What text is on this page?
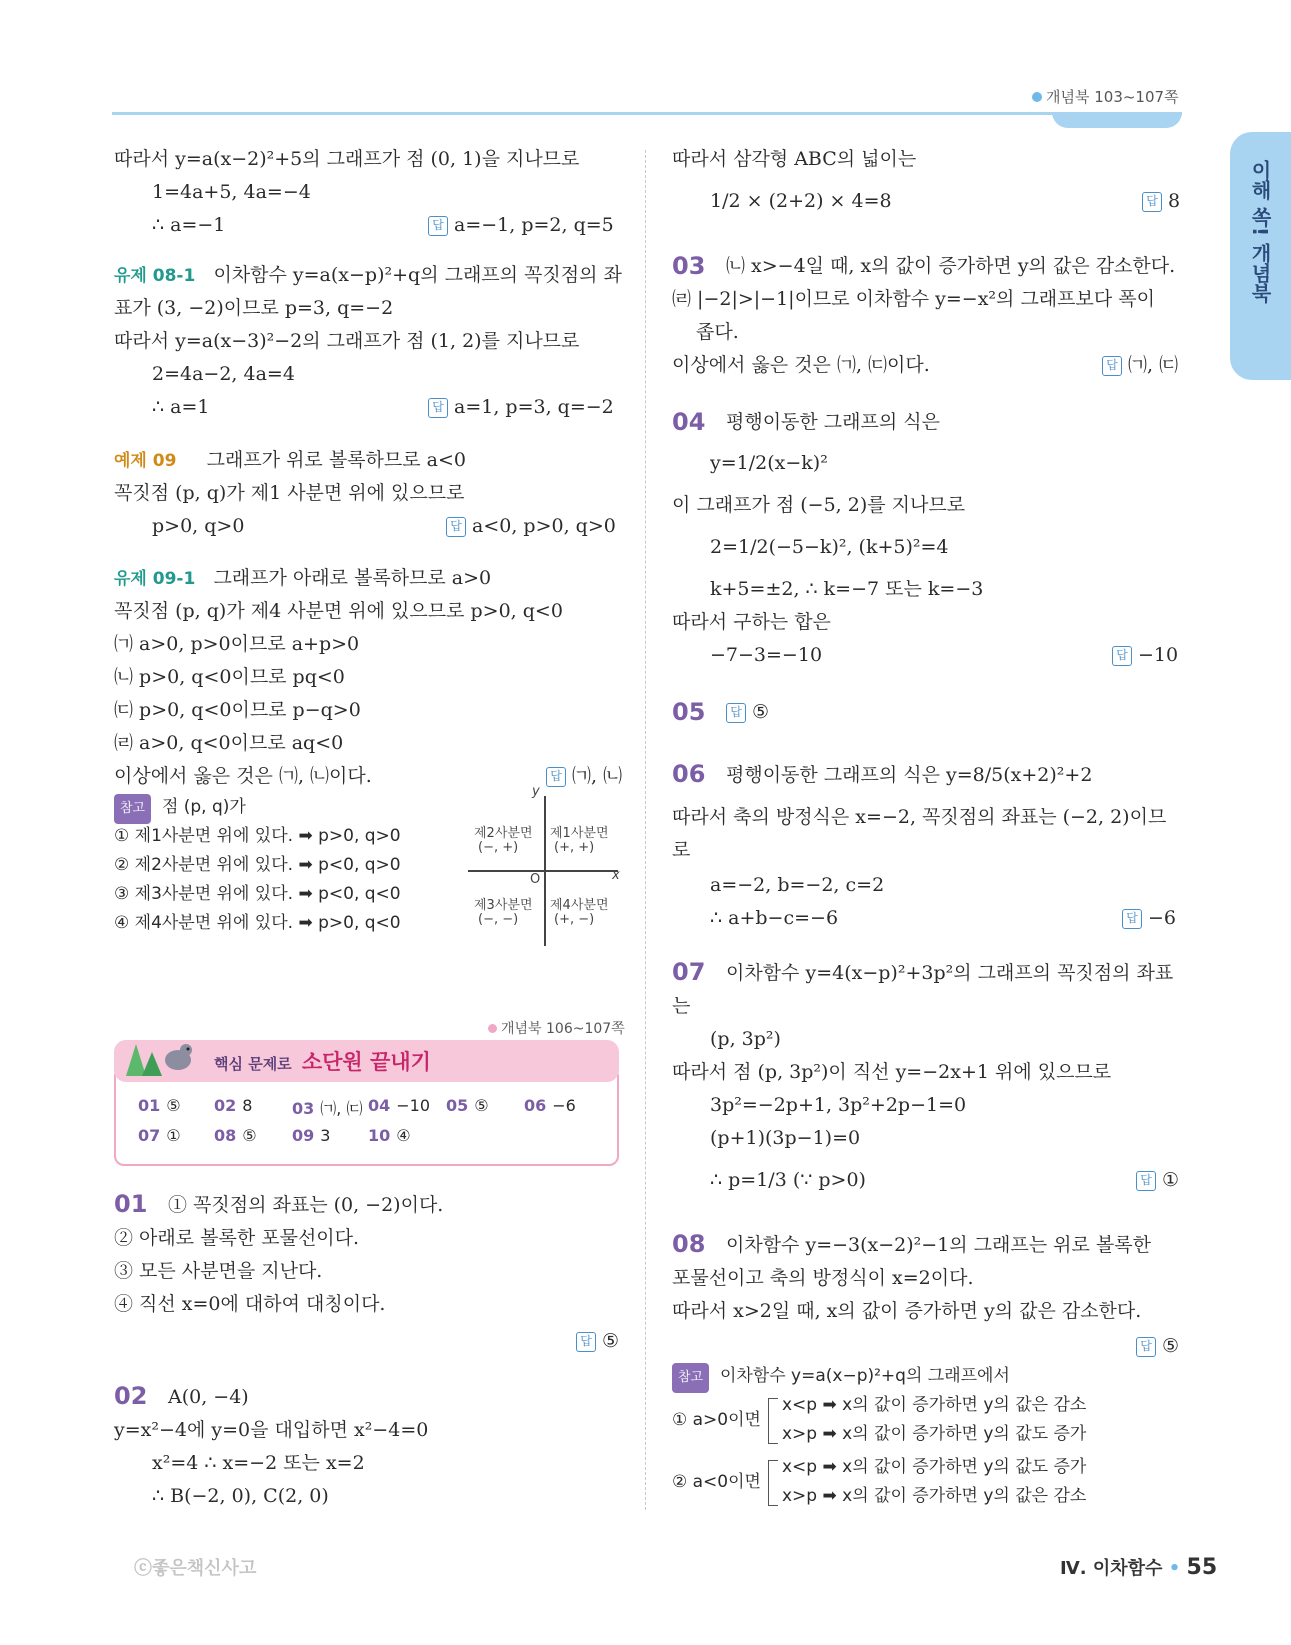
개념북 103~107쪽
이해 쏙! 개념북
따라서 y=a(x−2)²+5의 그래프가 점 (0, 1)을 지나므로
1=4a+5, 4a=−4
∴ a=−1	답 a=−1, p=2, q=5
유제 08-1 이차함수 y=a(x−p)²+q의 그래프의 꼭짓점의 좌
표가 (3, −2)이므로 p=3, q=−2
따라서 y=a(x−3)²−2의 그래프가 점 (1, 2)를 지나므로
2=4a−2, 4a=4
∴ a=1	답 a=1, p=3, q=−2
예제 09 그래프가 위로 볼록하므로 a<0
꼭짓점 (p, q)가 제1 사분면 위에 있으므로
p>0, q>0	답 a<0, p>0, q>0
유제 09-1 그래프가 아래로 볼록하므로 a>0
꼭짓점 (p, q)가 제4 사분면 위에 있으므로 p>0, q<0
㈀ a>0, p>0이므로 a+p>0
㈁ p>0, q<0이므로 pq<0
㈂ p>0, q<0이므로 p−q>0
㈃ a>0, q<0이므로 aq<0
이상에서 옳은 것은 ㈀, ㈁이다.	답 ㈀, ㈁
참고 점 (p, q)가
① 제1사분면 위에 있다. ➡ p>0, q>0
② 제2사분면 위에 있다. ➡ p<0, q>0
③ 제3사분면 위에 있다. ➡ p<0, q<0
④ 제4사분면 위에 있다. ➡ p>0, q<0
y
x
O
제2사분면
(−, +)
제1사분면
(+, +)
제3사분면
(−, −)
제4사분면
(+, −)
개념북 106~107쪽
핵심 문제로 소단원 끝내기
01 ⑤ 02 8 03 ㈀, ㈂ 04 −10 05 ⑤ 06 −6
07 ① 08 ⑤ 09 3 10 ④
01 ① 꼭짓점의 좌표는 (0, −2)이다.
② 아래로 볼록한 포물선이다.
③ 모든 사분면을 지난다.
④ 직선 x=0에 대하여 대칭이다.
답 ⑤
02 A(0, −4)
y=x²−4에 y=0을 대입하면 x²−4=0
x²=4 ∴ x=−2 또는 x=2
∴ B(−2, 0), C(2, 0)
따라서 삼각형 ABC의 넓이는
1/2 × (2+2) × 4=8	답 8
03 ㈁ x>−4일 때, x의 값이 증가하면 y의 값은 감소한다.
㈃ |−2|>|−1|이므로 이차함수 y=−x²의 그래프보다 폭이
좁다.
이상에서 옳은 것은 ㈀, ㈂이다.	답 ㈀, ㈂
04 평행이동한 그래프의 식은
y=1/2(x−k)²
이 그래프가 점 (−5, 2)를 지나므로
2=1/2(−5−k)², (k+5)²=4
k+5=±2, ∴ k=−7 또는 k=−3
따라서 구하는 합은
−7−3=−10	답 −10
05	답 ⑤
06 평행이동한 그래프의 식은 y=8/5(x+2)²+2
따라서 축의 방정식은 x=−2, 꼭짓점의 좌표는 (−2, 2)이므
로
a=−2, b=−2, c=2
∴ a+b−c=−6	답 −6
07 이차함수 y=4(x−p)²+3p²의 그래프의 꼭짓점의 좌표
는
(p, 3p²)
따라서 점 (p, 3p²)이 직선 y=−2x+1 위에 있으므로
3p²=−2p+1, 3p²+2p−1=0
(p+1)(3p−1)=0
∴ p=1/3 (∵ p>0)	답 ①
08 이차함수 y=−3(x−2)²−1의 그래프는 위로 볼록한
포물선이고 축의 방정식이 x=2이다.
따라서 x>2일 때, x의 값이 증가하면 y의 값은 감소한다.
답 ⑤
참고 이차함수 y=a(x−p)²+q의 그래프에서
① a>0이면
x<p ➡ x의 값이 증가하면 y의 값은 감소
x>p ➡ x의 값이 증가하면 y의 값도 증가
② a<0이면
x<p ➡ x의 값이 증가하면 y의 값도 증가
x>p ➡ x의 값이 증가하면 y의 값은 감소
ⓒ좋은책신사고	Ⅳ. 이차함수 • 55
